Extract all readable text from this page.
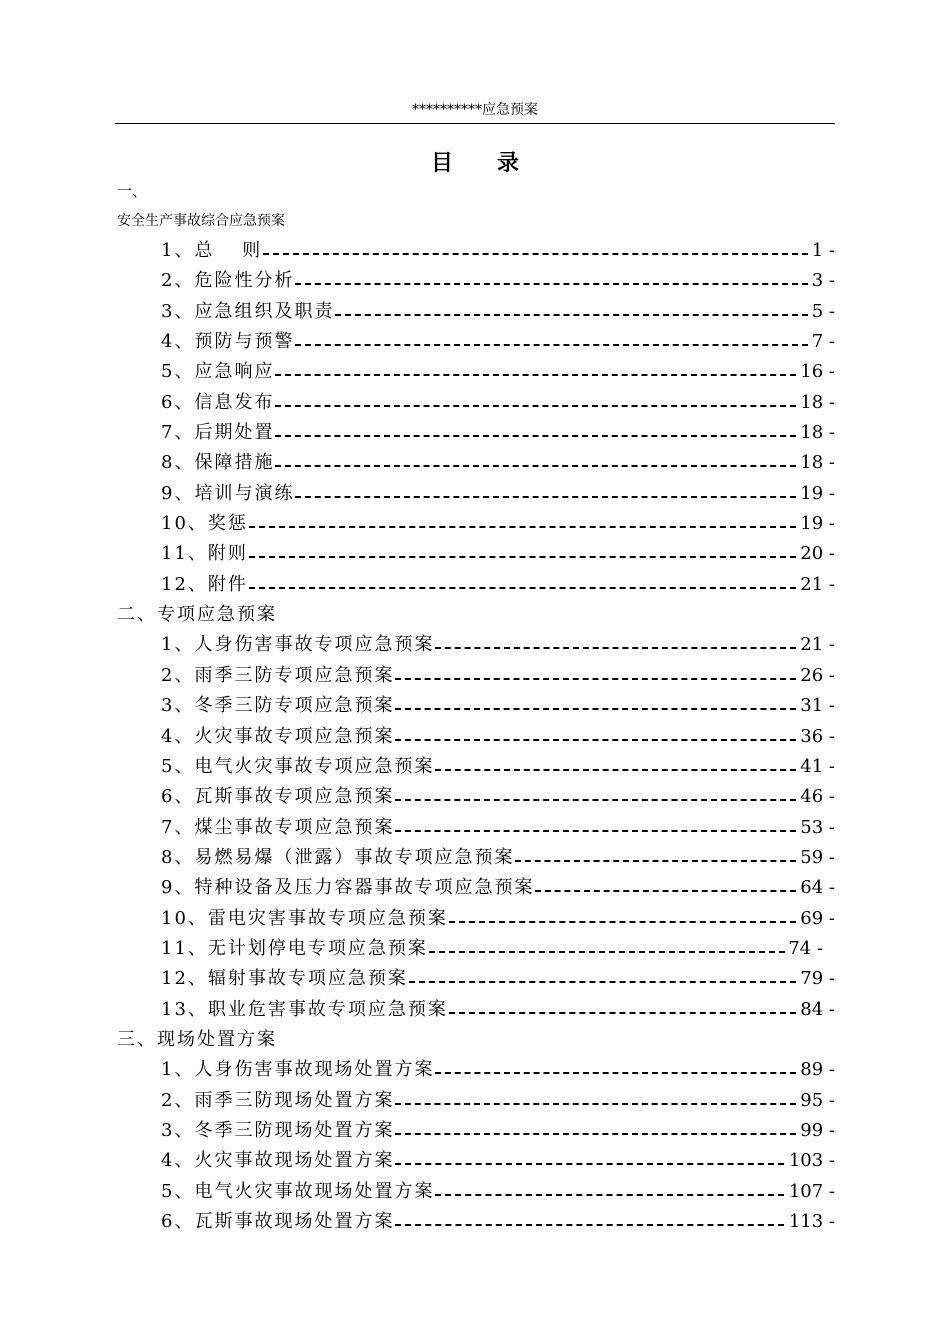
**********应急预案
目录
一、
安全生产事故综合应急预案
1、总　 则	1 -
2、危险性分析	3 -
3、应急组织及职责	5 -
4、预防与预警	7 -
5、应急响应	16 -
6、信息发布	18 -
7、后期处置	18 -
8、保障措施	18 -
9、培训与演练	19 -
10、奖惩	19 -
11、附则	20 -
12、附件	21 -
二、专项应急预案
1、人身伤害事故专项应急预案	21 -
2、雨季三防专项应急预案	26 -
3、冬季三防专项应急预案	31 -
4、火灾事故专项应急预案	36 -
5、电气火灾事故专项应急预案	41 -
6、瓦斯事故专项应急预案	46 -
7、煤尘事故专项应急预案	53 -
8、易燃易爆（泄露）事故专项应急预案	59 -
9、特种设备及压力容器事故专项应急预案	64 -
10、雷电灾害事故专项应急预案	69 -
11、无计划停电专项应急预案	74 -
12、辐射事故专项应急预案	79 -
13、职业危害事故专项应急预案	84 -
三、现场处置方案
1、人身伤害事故现场处置方案	89 -
2、雨季三防现场处置方案	95 -
3、冬季三防现场处置方案	99 -
4、火灾事故现场处置方案	103 -
5、电气火灾事故现场处置方案	107 -
6、瓦斯事故现场处置方案	113 -
